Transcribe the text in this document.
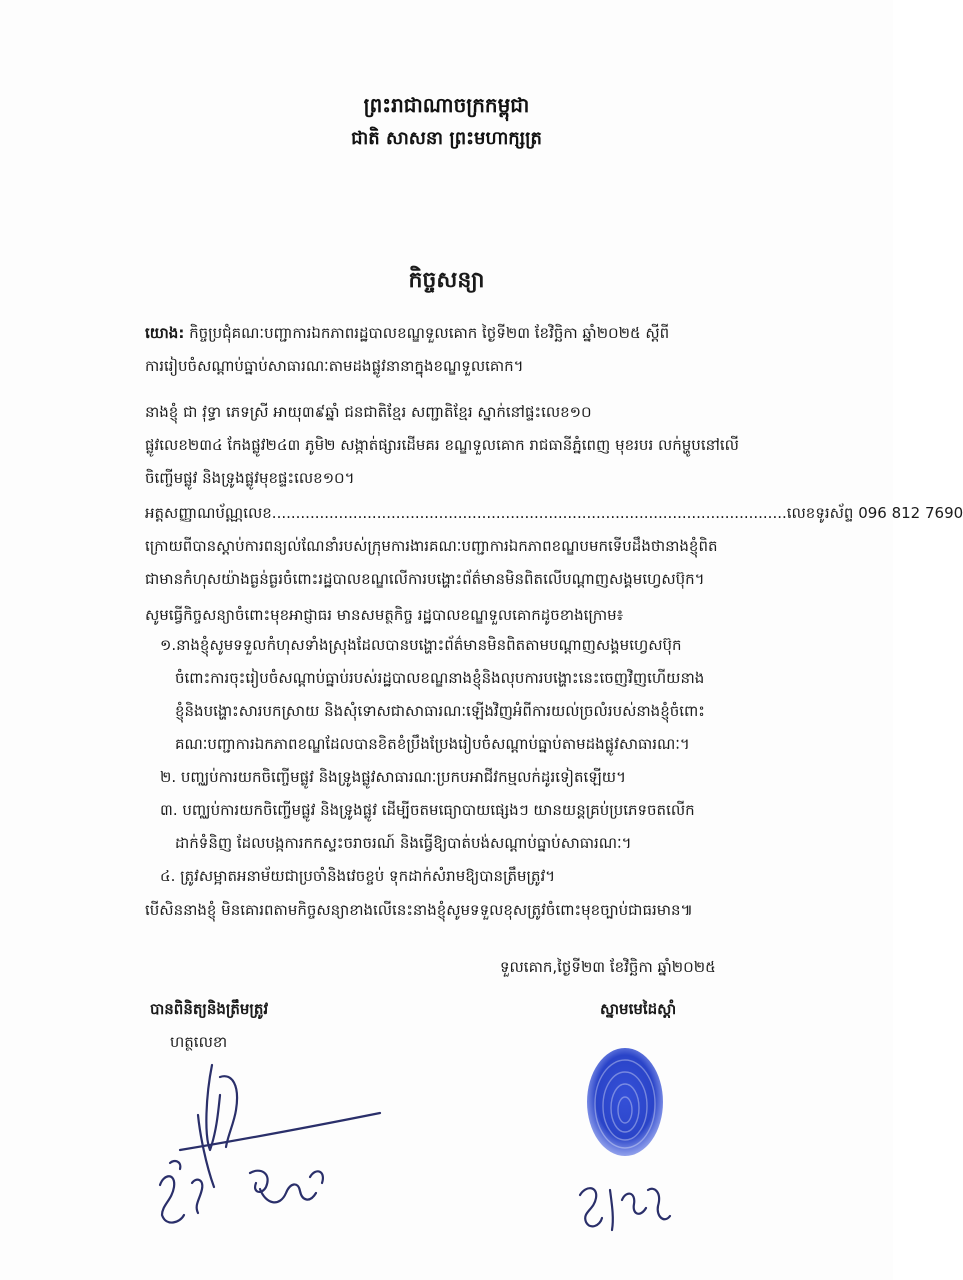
ព្រះរាជាណាចក្រកម្ពុជា
ជាតិ សាសនា ព្រះមហាក្សត្រ
កិច្ចសន្យា
យោង: កិច្ចប្រជុំគណៈបញ្ជាការឯកភាពរដ្ឋបាលខណ្ឌទួលគោក ថ្ងៃទី២៣ ខែវិច្ឆិកា ឆ្នាំ២០២៥ ស្តីពី
ការរៀបចំសណ្តាប់ធ្នាប់សាធារណៈតាមដងផ្លូវនានាក្នុងខណ្ឌទួលគោក។
នាងខ្ញុំ ជា វុទ្ធា ភេទស្រី អាយុ៣៩ឆ្នាំ ជនជាតិខ្មែរ សញ្ជាតិខ្មែរ ស្នាក់នៅផ្ទះលេខ១០
ផ្លូវលេខ២៣៤ កែងផ្លូវ២៤៣ ភូមិ២ សង្កាត់ផ្សារដើមគរ ខណ្ឌទួលគោក រាជធានីភ្នំពេញ មុខរបរ លក់ម្ហូបនៅលើ
ចិញ្ចើមផ្លូវ និងទ្រូងផ្លូវមុខផ្ទះលេខ១០។
អត្តសញ្ញាណប័ណ្ណលេខ............................................................................................................លេខទូរស័ព្ទ 096 812 7690
ក្រោយពីបានស្តាប់ការពន្យល់ណែនាំរបស់ក្រុមការងារគណៈបញ្ជាការឯកភាពខណ្ឌបមកទើបដឹងថានាងខ្ញុំពិត
ជាមានកំហុសយ៉ាងធ្ងន់ធ្ងរចំពោះរដ្ឋបាលខណ្ឌលើការបង្ហោះព័ត៌មានមិនពិតលើបណ្តាញសង្គមហ្វេសប៊ុក។
សូមធ្វើកិច្ចសន្យាចំពោះមុខអាជ្ញាធរ មានសមត្ថកិច្ច រដ្ឋបាលខណ្ឌទួលគោកដូចខាងក្រោម៖
១.នាងខ្ញុំសូមទទួលកំហុសទាំងស្រុងដែលបានបង្ហោះព័ត៌មានមិនពិតតាមបណ្តាញសង្គមហ្វេសប៊ុក
ចំពោះការចុះរៀបចំសណ្តាប់ធ្នាប់របស់រដ្ឋបាលខណ្ឌនាងខ្ញុំនិងលុបការបង្ហោះនេះចេញវិញហើយនាង
ខ្ញុំនិងបង្ហោះសារបកស្រាយ និងសុំទោសជាសាធារណៈឡើងវិញអំពីការយល់ច្រលំរបស់នាងខ្ញុំចំពោះ
គណៈបញ្ជាការឯកភាពខណ្ឌដែលបានខិតខំប្រឹងប្រែងរៀបចំសណ្តាប់ធ្នាប់តាមដងផ្លូវសាធារណៈ។
២. បញ្ឈប់ការយកចិញ្ចើមផ្លូវ និងទ្រូងផ្លូវសាធារណៈប្រកបអាជីវកម្មលក់ដូរទៀតឡើយ។
៣. បញ្ឈប់ការយកចិញ្ចើមផ្លូវ និងទ្រូងផ្លូវ ដើម្បីចតមធ្យោបាយផ្សេងៗ យានយន្តគ្រប់ប្រភេទចតលើក
ដាក់ទំនិញ ដែលបង្កការកកស្ទះចរាចរណ៍ និងធ្វើឱ្យបាត់បង់សណ្តាប់ធ្នាប់សាធារណៈ។
៤. ត្រូវសម្អាតអនាម័យជាប្រចាំនិងវេចខ្ចប់ ទុកដាក់សំរាមឱ្យបានត្រឹមត្រូវ។
បើសិននាងខ្ញុំ មិនគោរពតាមកិច្ចសន្យាខាងលើនេះនាងខ្ញុំសូមទទួលខុសត្រូវចំពោះមុខច្បាប់ជាធរមាន៕
ទួលគោក,ថ្ងៃទី២៣ ខែវិច្ឆិកា ឆ្នាំ២០២៥
បានពិនិត្យនិងត្រឹមត្រូវ
ហត្ថលេខា
ស្នាមមេដៃស្តាំ
